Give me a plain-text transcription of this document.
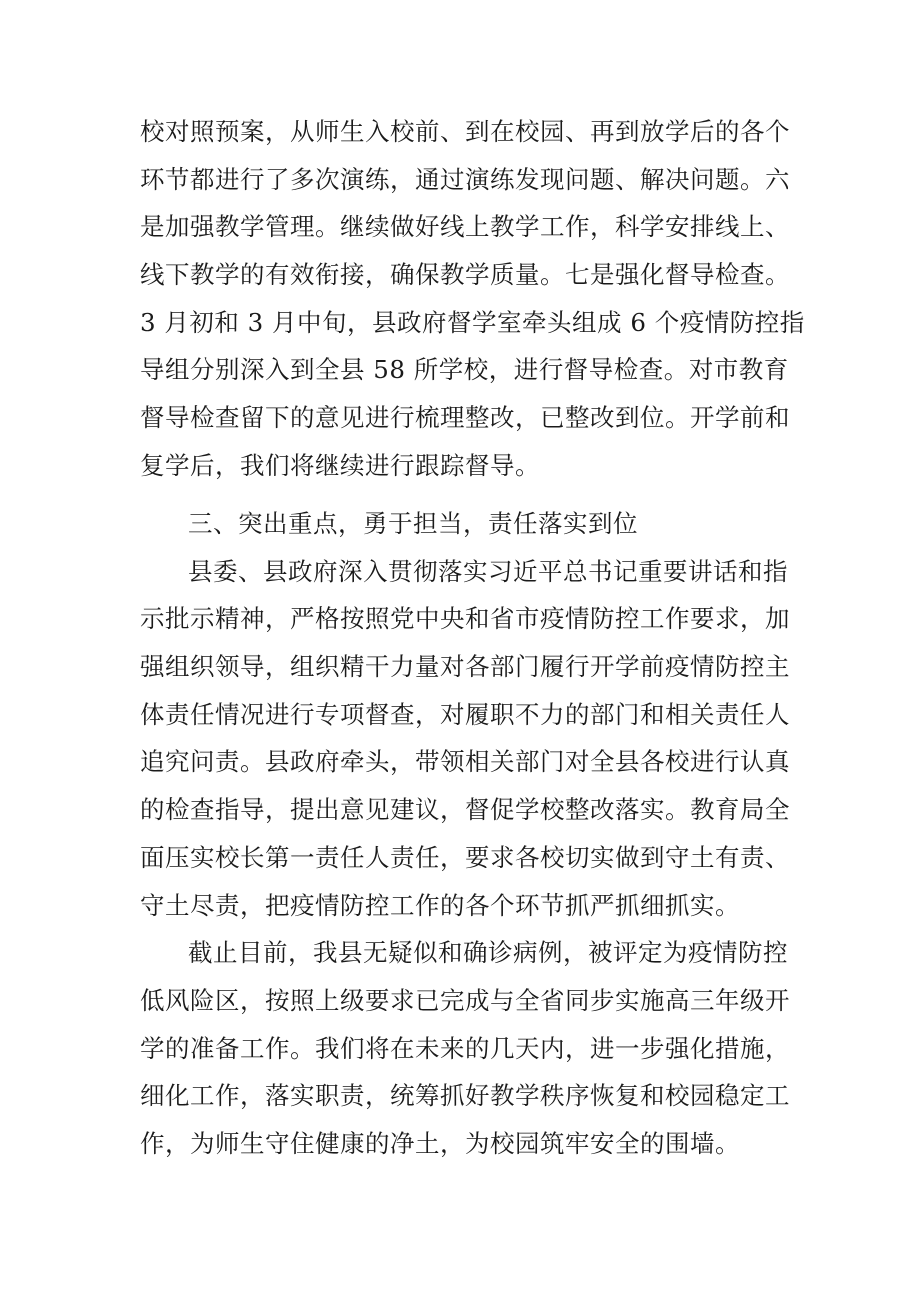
校对照预案，从师生入校前、到在校园、再到放学后的各个
环节都进行了多次演练，通过演练发现问题、解决问题。六
是加强教学管理。继续做好线上教学工作，科学安排线上、
线下教学的有效衔接，确保教学质量。七是强化督导检查。
3 月初和 3 月中旬，县政府督学室牵头组成 6 个疫情防控指
导组分别深入到全县 58 所学校，进行督导检查。对市教育
督导检查留下的意见进行梳理整改，已整改到位。开学前和
复学后，我们将继续进行跟踪督导。
三、突出重点，勇于担当，责任落实到位
县委、县政府深入贯彻落实习近平总书记重要讲话和指
示批示精神，严格按照党中央和省市疫情防控工作要求，加
强组织领导，组织精干力量对各部门履行开学前疫情防控主
体责任情况进行专项督查，对履职不力的部门和相关责任人
追究问责。县政府牵头，带领相关部门对全县各校进行认真
的检查指导，提出意见建议，督促学校整改落实。教育局全
面压实校长第一责任人责任，要求各校切实做到守土有责、
守土尽责，把疫情防控工作的各个环节抓严抓细抓实。
截止目前，我县无疑似和确诊病例，被评定为疫情防控
低风险区，按照上级要求已完成与全省同步实施高三年级开
学的准备工作。我们将在未来的几天内，进一步强化措施，
细化工作，落实职责，统筹抓好教学秩序恢复和校园稳定工
作，为师生守住健康的净土，为校园筑牢安全的围墙。
